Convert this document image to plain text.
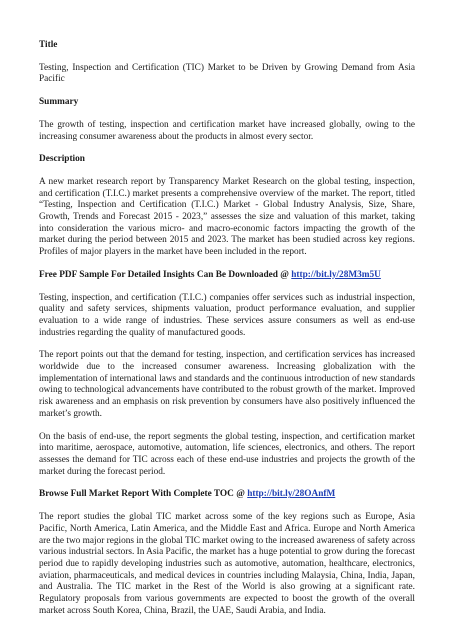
Title

Testing, Inspection and Certification (TIC) Market to be Driven by Growing Demand from Asia Pacific

Summary

The growth of testing, inspection and certification market have increased globally, owing to the increasing consumer awareness about the products in almost every sector.

Description

A new market research report by Transparency Market Research on the global testing, inspection, and certification (T.I.C.) market presents a comprehensive overview of the market. The report, titled “Testing, Inspection and Certification (T.I.C.) Market - Global Industry Analysis, Size, Share, Growth, Trends and Forecast 2015 - 2023,” assesses the size and valuation of this market, taking into consideration the various micro- and macro-economic factors impacting the growth of the market during the period between 2015 and 2023. The market has been studied across key regions. Profiles of major players in the market have been included in the report.

Free PDF Sample For Detailed Insights Can Be Downloaded @ http://bit.ly/28M3m5U

Testing, inspection, and certification (T.I.C.) companies offer services such as industrial inspection, quality and safety services, shipments valuation, product performance evaluation, and supplier evaluation to a wide range of industries. These services assure consumers as well as end-use industries regarding the quality of manufactured goods.

The report points out that the demand for testing, inspection, and certification services has increased worldwide due to the increased consumer awareness. Increasing globalization with the implementation of international laws and standards and the continuous introduction of new standards owing to technological advancements have contributed to the robust growth of the market. Improved risk awareness and an emphasis on risk prevention by consumers have also positively influenced the market’s growth.

On the basis of end-use, the report segments the global testing, inspection, and certification market into maritime, aerospace, automotive, automation, life sciences, electronics, and others. The report assesses the demand for TIC across each of these end-use industries and projects the growth of the market during the forecast period.

Browse Full Market Report With Complete TOC @ http://bit.ly/28OAnfM

The report studies the global TIC market across some of the key regions such as Europe, Asia Pacific, North America, Latin America, and the Middle East and Africa. Europe and North America are the two major regions in the global TIC market owing to the increased awareness of safety across various industrial sectors. In Asia Pacific, the market has a huge potential to grow during the forecast period due to rapidly developing industries such as automotive, automation, healthcare, electronics, aviation, pharmaceuticals, and medical devices in countries including Malaysia, China, India, Japan, and Australia. The TIC market in the Rest of the World is also growing at a significant rate. Regulatory proposals from various governments are expected to boost the growth of the overall market across South Korea, China, Brazil, the UAE, Saudi Arabia, and India.
